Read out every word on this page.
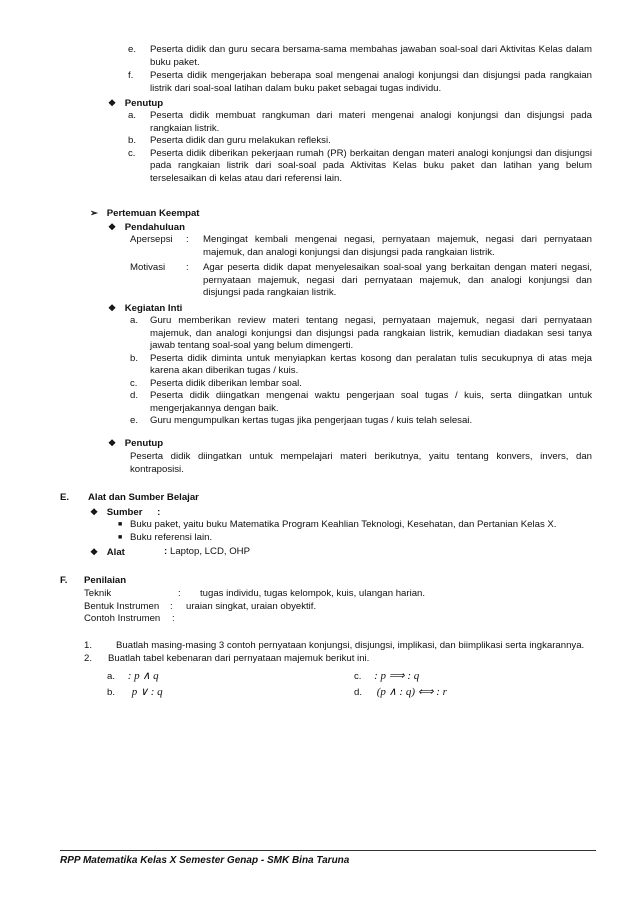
e. Peserta didik dan guru secara bersama-sama membahas jawaban soal-soal dari Aktivitas Kelas dalam buku paket.
f. Peserta didik mengerjakan beberapa soal mengenai analogi konjungsi dan disjungsi pada rangkaian listrik dari soal-soal latihan dalam buku paket sebagai tugas individu.
❖ Penutup
a. Peserta didik membuat rangkuman dari materi mengenai analogi konjungsi dan disjungsi pada rangkaian listrik.
b. Peserta didik dan guru melakukan refleksi.
c. Peserta didik diberikan pekerjaan rumah (PR) berkaitan dengan materi analogi konjungsi dan disjungsi pada rangkaian listrik dari soal-soal pada Aktivitas Kelas buku paket dan latihan yang belum terselesaikan di kelas atau dari referensi lain.
➢ Pertemuan Keempat
❖ Pendahuluan
Apersepsi : Mengingat kembali mengenai negasi, pernyataan majemuk, negasi dari pernyataan majemuk, dan analogi konjungsi dan disjungsi pada rangkaian listrik.
Motivasi : Agar peserta didik dapat menyelesaikan soal-soal yang berkaitan dengan materi negasi, pernyataan majemuk, negasi dari pernyataan majemuk, dan analogi konjungsi dan disjungsi pada rangkaian listrik.
❖ Kegiatan Inti
a. Guru memberikan review materi tentang negasi, pernyataan majemuk, negasi dari pernyataan majemuk, dan analogi konjungsi dan disjungsi pada rangkaian listrik, kemudian diadakan sesi tanya jawab tentang soal-soal yang belum dimengerti.
b. Peserta didik diminta untuk menyiapkan kertas kosong dan peralatan tulis secukupnya di atas meja karena akan diberikan tugas / kuis.
c. Peserta didik diberikan lembar soal.
d. Peserta didik diingatkan mengenai waktu pengerjaan soal tugas / kuis, serta diingatkan untuk mengerjakannya dengan baik.
e. Guru mengumpulkan kertas tugas jika pengerjaan tugas / kuis telah selesai.
❖ Penutup
Peserta didik diingatkan untuk mempelajari materi berikutnya, yaitu tentang konvers, invers, dan kontraposisi.
E. Alat dan Sumber Belajar
❖ Sumber :
■ Buku paket, yaitu buku Matematika Program Keahlian Teknologi, Kesehatan, dan Pertanian Kelas X.
■ Buku referensi lain.
❖ Alat	: Laptop, LCD, OHP
F. Penilaian
Teknik	: tugas individu, tugas kelompok, kuis, ulangan harian.
Bentuk Instrumen : uraian singkat, uraian obyektif.
Contoh Instrumen :
1. Buatlah masing-masing 3 contoh pernyataan konjungsi, disjungsi, implikasi, dan biimplikasi serta ingkarannya.
2. Buatlah tabel kebenaran dari pernyataan majemuk berikut ini.
a. : p ∧ q
b. p ∨ : q
c. : p ⟹ : q
d. (p ∧ : q) ⟺ : r
RPP Matematika Kelas X Semester Genap - SMK Bina Taruna
